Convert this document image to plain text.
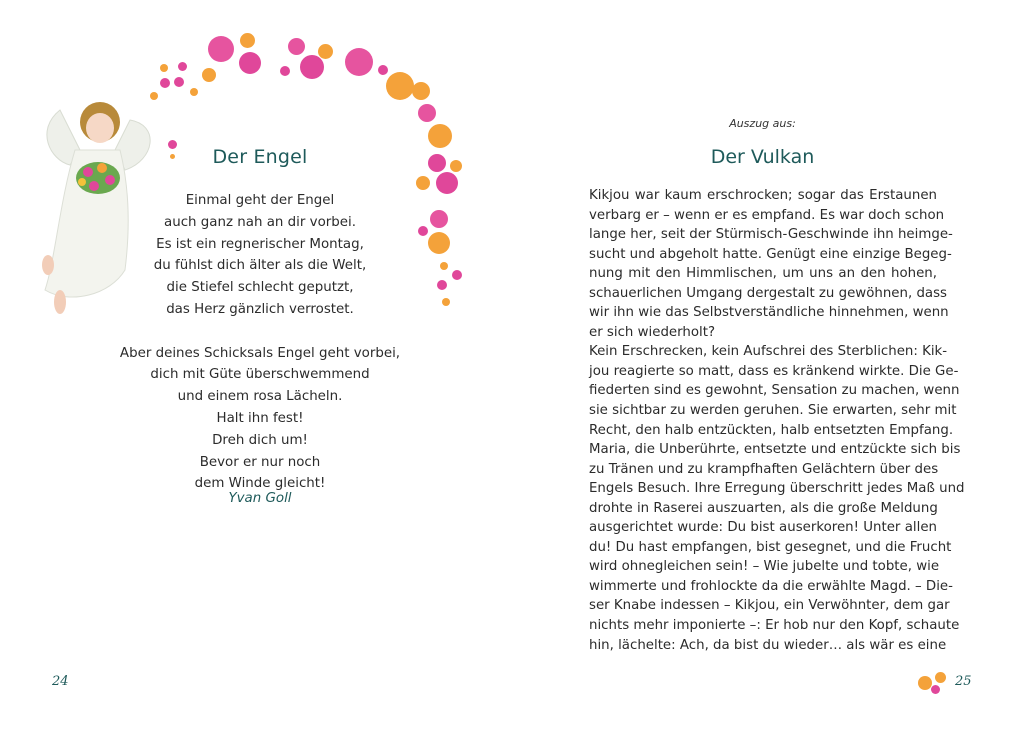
Der Engel
Einmal geht der Engel
auch ganz nah an dir vorbei.
Es ist ein regnerischer Montag,
du fühlst dich älter als die Welt,
die Stiefel schlecht geputzt,
das Herz gänzlich verrostet.
Aber deines Schicksals Engel geht vorbei,
dich mit Güte überschwemmend
und einem rosa Lächeln.
Halt ihn fest!
Dreh dich um!
Bevor er nur noch
dem Winde gleicht!
Yvan Goll
24
Auszug aus:
Der Vulkan
Kikjou war kaum erschrocken; sogar das Erstaunen
verbarg er – wenn er es empfand. Es war doch schon
lange her, seit der Stürmisch-Geschwinde ihn heimge-
sucht und abgeholt hatte. Genügt eine einzige Begeg-
nung mit den Himmlischen, um uns an den hohen,
schauerlichen Umgang dergestalt zu gewöhnen, dass
wir ihn wie das Selbstverständliche hinnehmen, wenn
er sich wiederholt?
Kein Erschrecken, kein Aufschrei des Sterblichen: Kik-
jou reagierte so matt, dass es kränkend wirkte. Die Ge-
fiederten sind es gewohnt, Sensation zu machen, wenn
sie sichtbar zu werden geruhen. Sie erwarten, sehr mit
Recht, den halb entzückten, halb entsetzten Empfang.
Maria, die Unberührte, entsetzte und entzückte sich bis
zu Tränen und zu krampfhaften Gelächtern über des
Engels Besuch. Ihre Erregung überschritt jedes Maß und
drohte in Raserei auszuarten, als die große Meldung
ausgerichtet wurde: Du bist auserkoren! Unter allen
du! Du hast empfangen, bist gesegnet, und die Frucht
wird ohnegleichen sein! – Wie jubelte und tobte, wie
wimmerte und frohlockte da die erwählte Magd. – Die-
ser Knabe indessen – Kikjou, ein Verwöhnter, dem gar
nichts mehr imponierte –: Er hob nur den Kopf, schaute
hin, lächelte: Ach, da bist du wieder… als wär es eine
25
